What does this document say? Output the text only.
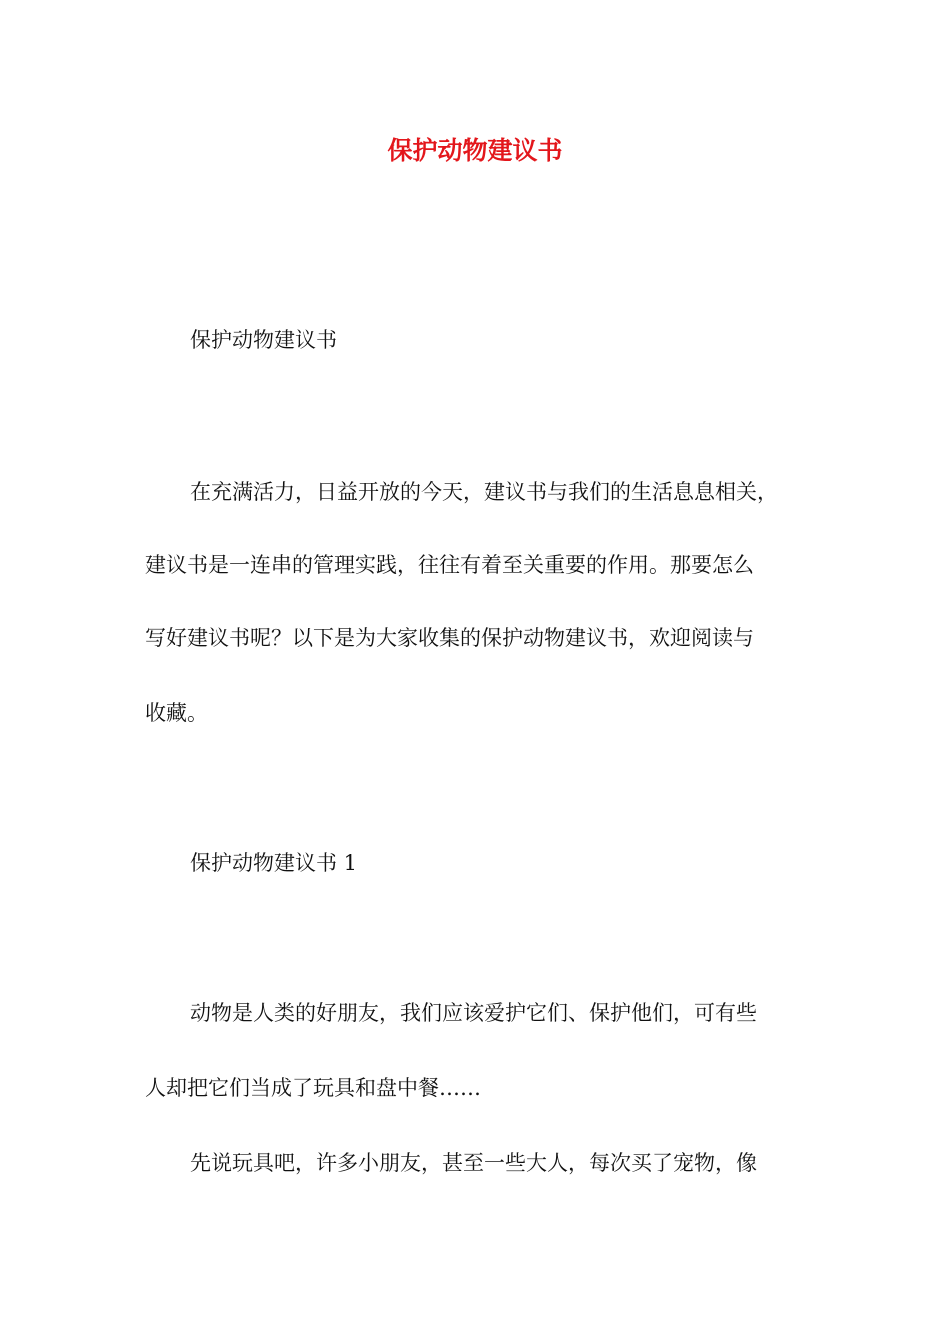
保护动物建议书
保护动物建议书
在充满活力，日益开放的今天，建议书与我们的生活息息相关，
建议书是一连串的管理实践，往往有着至关重要的作用。那要怎么
写好建议书呢？以下是为大家收集的保护动物建议书，欢迎阅读与
收藏。
保护动物建议书 1
动物是人类的好朋友，我们应该爱护它们、保护他们，可有些
人却把它们当成了玩具和盘中餐……
先说玩具吧，许多小朋友，甚至一些大人，每次买了宠物，像
